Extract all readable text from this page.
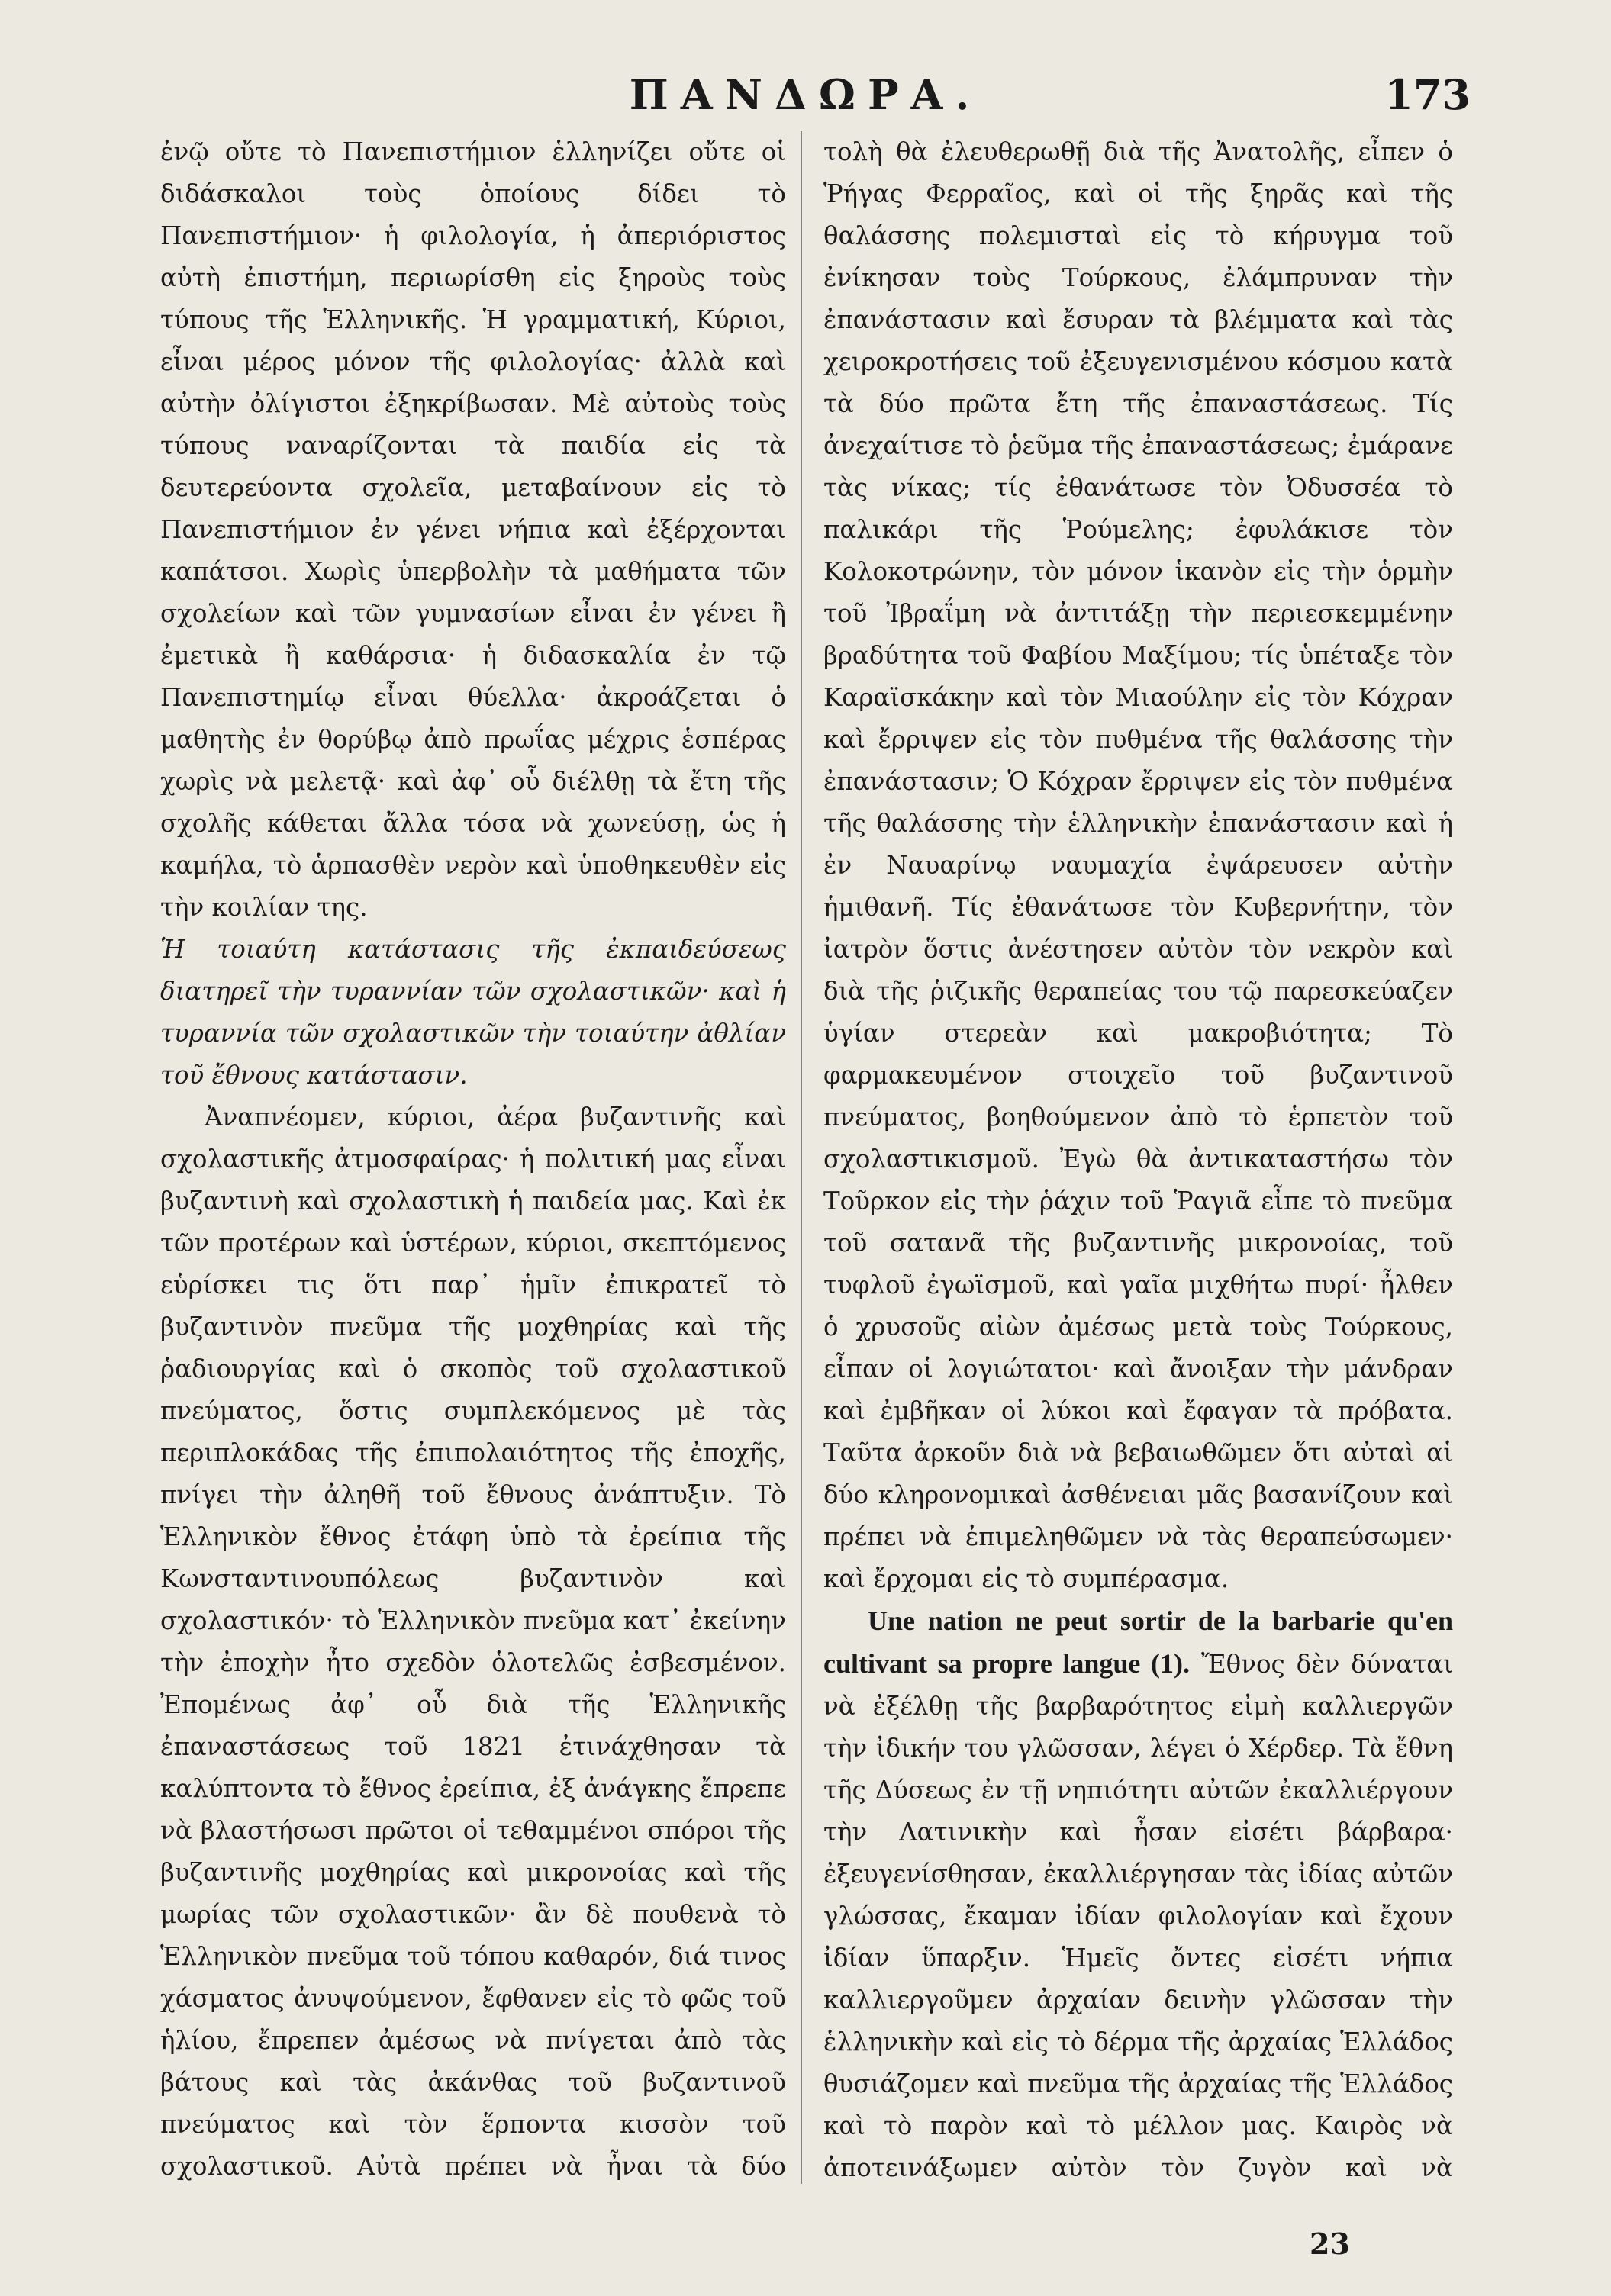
ΠΑΝΔΩΡΑ.	173

ἐνῷ οὔτε τὸ Πανεπιστήμιον ἑλληνίζει οὔτε οἱ διδάσκαλοι τοὺς ὁποίους δίδει τὸ Πανεπιστήμιον· ἡ φιλολογία, ἡ ἀπεριόριστος αὐτὴ ἐπιστήμη, περιωρίσθη εἰς ξηροὺς τοὺς τύπους τῆς Ἑλληνικῆς. Ἡ γραμματική, Κύριοι, εἶναι μέρος μόνον τῆς φιλολογίας· ἀλλὰ καὶ αὐτὴν ὀλίγιστοι ἐξηκρίβωσαν. Μὲ αὐτοὺς τοὺς τύπους ναναρίζονται τὰ παιδία εἰς τὰ δευτερεύοντα σχολεῖα, μεταβαίνουν εἰς τὸ Πανεπιστήμιον ἐν γένει νήπια καὶ ἐξέρχονται καπάτσοι. Χωρὶς ὑπερβολὴν τὰ μαθήματα τῶν σχολείων καὶ τῶν γυμνασίων εἶναι ἐν γένει ἢ ἐμετικὰ ἢ καθάρσια· ἡ διδασκαλία ἐν τῷ Πανεπιστημίῳ εἶναι θύελλα· ἀκροάζεται ὁ μαθητὴς ἐν θορύβῳ ἀπὸ πρωΐας μέχρις ἑσπέρας χωρὶς νὰ μελετᾷ· καὶ ἀφ᾽ οὗ διέλθῃ τὰ ἔτη τῆς σχολῆς κάθεται ἄλλα τόσα νὰ χωνεύσῃ, ὡς ἡ καμήλα, τὸ ἁρπασθὲν νερὸν καὶ ὑποθηκευθὲν εἰς τὴν κοιλίαν της.

Ἡ τοιαύτη κατάστασις τῆς ἐκπαιδεύσεως διατηρεῖ τὴν τυραννίαν τῶν σχολαστικῶν· καὶ ἡ τυραννία τῶν σχολαστικῶν τὴν τοιαύτην ἀθλίαν τοῦ ἔθνους κατάστασιν.

Ἀναπνέομεν, κύριοι, ἀέρα βυζαντινῆς καὶ σχολαστικῆς ἀτμοσφαίρας· ἡ πολιτική μας εἶναι βυζαντινὴ καὶ σχολαστικὴ ἡ παιδεία μας. Καὶ ἐκ τῶν προτέρων καὶ ὑστέρων, κύριοι, σκεπτόμενος εὑρίσκει τις ὅτι παρ᾽ ἡμῖν ἐπικρατεῖ τὸ βυζαντινὸν πνεῦμα τῆς μοχθηρίας καὶ τῆς ῥαδιουργίας καὶ ὁ σκοπὸς τοῦ σχολαστικοῦ πνεύματος, ὅστις συμπλεκόμενος μὲ τὰς περιπλοκάδας τῆς ἐπιπολαιότητος τῆς ἐποχῆς, πνίγει τὴν ἀληθῆ τοῦ ἔθνους ἀνάπτυξιν. Τὸ Ἑλληνικὸν ἔθνος ἐτάφη ὑπὸ τὰ ἐρείπια τῆς Κωνσταντινουπόλεως βυζαντινὸν καὶ σχολαστικόν· τὸ Ἑλληνικὸν πνεῦμα κατ᾽ ἐκείνην τὴν ἐποχὴν ἦτο σχεδὸν ὁλοτελῶς ἐσβεσμένον. Ἐπομένως ἀφ᾽ οὗ διὰ τῆς Ἑλληνικῆς ἐπαναστάσεως τοῦ 1821 ἐτινάχθησαν τὰ καλύπτοντα τὸ ἔθνος ἐρείπια, ἐξ ἀνάγκης ἔπρεπε νὰ βλαστήσωσι πρῶτοι οἱ τεθαμμένοι σπόροι τῆς βυζαντινῆς μοχθηρίας καὶ μικρονοίας καὶ τῆς μωρίας τῶν σχολαστικῶν· ἂν δὲ πουθενὰ τὸ Ἑλληνικὸν πνεῦμα τοῦ τόπου καθαρόν, διά τινος χάσματος ἀνυψούμενον, ἔφθανεν εἰς τὸ φῶς τοῦ ἡλίου, ἔπρεπεν ἀμέσως νὰ πνίγεται ἀπὸ τὰς βάτους καὶ τὰς ἀκάνθας τοῦ βυζαντινοῦ πνεύματος καὶ τὸν ἕρποντα κισσὸν τοῦ σχολαστικοῦ. Αὐτὰ πρέπει νὰ ἦναι τὰ δύο

τολὴ θὰ ἐλευθερωθῇ διὰ τῆς Ἀνατολῆς, εἶπεν ὁ Ῥήγας Φερραῖος, καὶ οἱ τῆς ξηρᾶς καὶ τῆς θαλάσσης πολεμισταὶ εἰς τὸ κήρυγμα τοῦ ἐνίκησαν τοὺς Τούρκους, ἐλάμπρυναν τὴν ἐπανάστασιν καὶ ἔσυραν τὰ βλέμματα καὶ τὰς χειροκροτήσεις τοῦ ἐξευγενισμένου κόσμου κατὰ τὰ δύο πρῶτα ἔτη τῆς ἐπαναστάσεως. Τίς ἀνεχαίτισε τὸ ῥεῦμα τῆς ἐπαναστάσεως; ἐμάρανε τὰς νίκας; τίς ἐθανάτωσε τὸν Ὀδυσσέα τὸ παλικάρι τῆς Ῥούμελης; ἐφυλάκισε τὸν Κολοκοτρώνην, τὸν μόνον ἱκανὸν εἰς τὴν ὁρμὴν τοῦ Ἰβραΐμη νὰ ἀντιτάξῃ τὴν περιεσκεμμένην βραδύτητα τοῦ Φαβίου Μαξίμου; τίς ὑπέταξε τὸν Καραϊσκάκην καὶ τὸν Μιαούλην εἰς τὸν Κόχραν καὶ ἔρριψεν εἰς τὸν πυθμένα τῆς θαλάσσης τὴν ἐπανάστασιν; Ὁ Κόχραν ἔρριψεν εἰς τὸν πυθμένα τῆς θαλάσσης τὴν ἑλληνικὴν ἐπανάστασιν καὶ ἡ ἐν Ναυαρίνῳ ναυμαχία ἐψάρευσεν αὐτὴν ἡμιθανῆ. Τίς ἐθανάτωσε τὸν Κυβερνήτην, τὸν ἰατρὸν ὅστις ἀνέστησεν αὐτὸν τὸν νεκρὸν καὶ διὰ τῆς ῥιζικῆς θεραπείας του τῷ παρεσκεύαζεν ὑγίαν στερεὰν καὶ μακροβιότητα; Τὸ φαρμακευμένον στοιχεῖο τοῦ βυζαντινοῦ πνεύματος, βοηθούμενον ἀπὸ τὸ ἑρπετὸν τοῦ σχολαστικισμοῦ. Ἐγὼ θὰ ἀντικαταστήσω τὸν Τοῦρκον εἰς τὴν ῥάχιν τοῦ Ῥαγιᾶ εἶπε τὸ πνεῦμα τοῦ σατανᾶ τῆς βυζαντινῆς μικρονοίας, τοῦ τυφλοῦ ἐγωϊσμοῦ, καὶ γαῖα μιχθήτω πυρί· ἦλθεν ὁ χρυσοῦς αἰὼν ἀμέσως μετὰ τοὺς Τούρκους, εἶπαν οἱ λογιώτατοι· καὶ ἄνοιξαν τὴν μάνδραν καὶ ἐμβῆκαν οἱ λύκοι καὶ ἔφαγαν τὰ πρόβατα. Ταῦτα ἀρκοῦν διὰ νὰ βεβαιωθῶμεν ὅτι αὐταὶ αἱ δύο κληρονομικαὶ ἀσθένειαι μᾶς βασανίζουν καὶ πρέπει νὰ ἐπιμεληθῶμεν νὰ τὰς θεραπεύσωμεν· καὶ ἔρχομαι εἰς τὸ συμπέρασμα.

Une nation ne peut sortir de la barbarie qu'en cultivant sa propre langue (1). Ἔθνος δὲν δύναται νὰ ἐξέλθῃ τῆς βαρβαρότητος εἰμὴ καλλιεργῶν τὴν ἰδικήν του γλῶσσαν, λέγει ὁ Χέρδερ. Τὰ ἔθνη τῆς Δύσεως ἐν τῇ νηπιότητι αὐτῶν ἐκαλλιέργουν τὴν Λατινικὴν καὶ ἦσαν εἰσέτι βάρβαρα· ἐξευγενίσθησαν, ἐκαλλιέργησαν τὰς ἰδίας αὐτῶν γλώσσας, ἔκαμαν ἰδίαν φιλολογίαν καὶ ἔχουν ἰδίαν ὕπαρξιν. Ἡμεῖς ὄντες εἰσέτι νήπια καλλιεργοῦμεν ἀρχαίαν δεινὴν γλῶσσαν τὴν ἑλληνικὴν καὶ εἰς τὸ δέρμα τῆς ἀρχαίας Ἑλλάδος θυσιάζομεν καὶ πνεῦμα τῆς ἀρχαίας τῆς Ἑλλάδος καὶ τὸ παρὸν καὶ τὸ μέλλον μας. Καιρὸς νὰ ἀποτεινάξωμεν αὐτὸν τὸν ζυγὸν καὶ νὰ

23
